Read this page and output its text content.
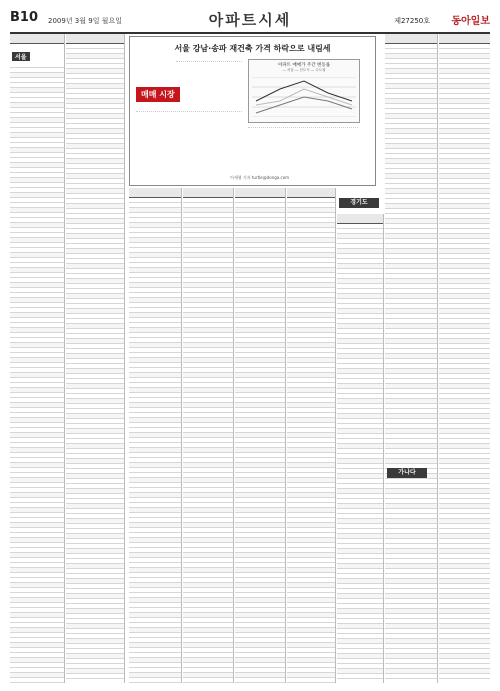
B10 2009년 3월 9일 월요일	아파트시세	제27250호 동아일보
서울
경기도
가나다
서울 강남·송파 재건축 가격 하락으로 내림세
매매 시장
아파트 매매가 주간 변동률
— 서울 — 신도시 — 수도권
이세형 기자 turtle@donga.com
